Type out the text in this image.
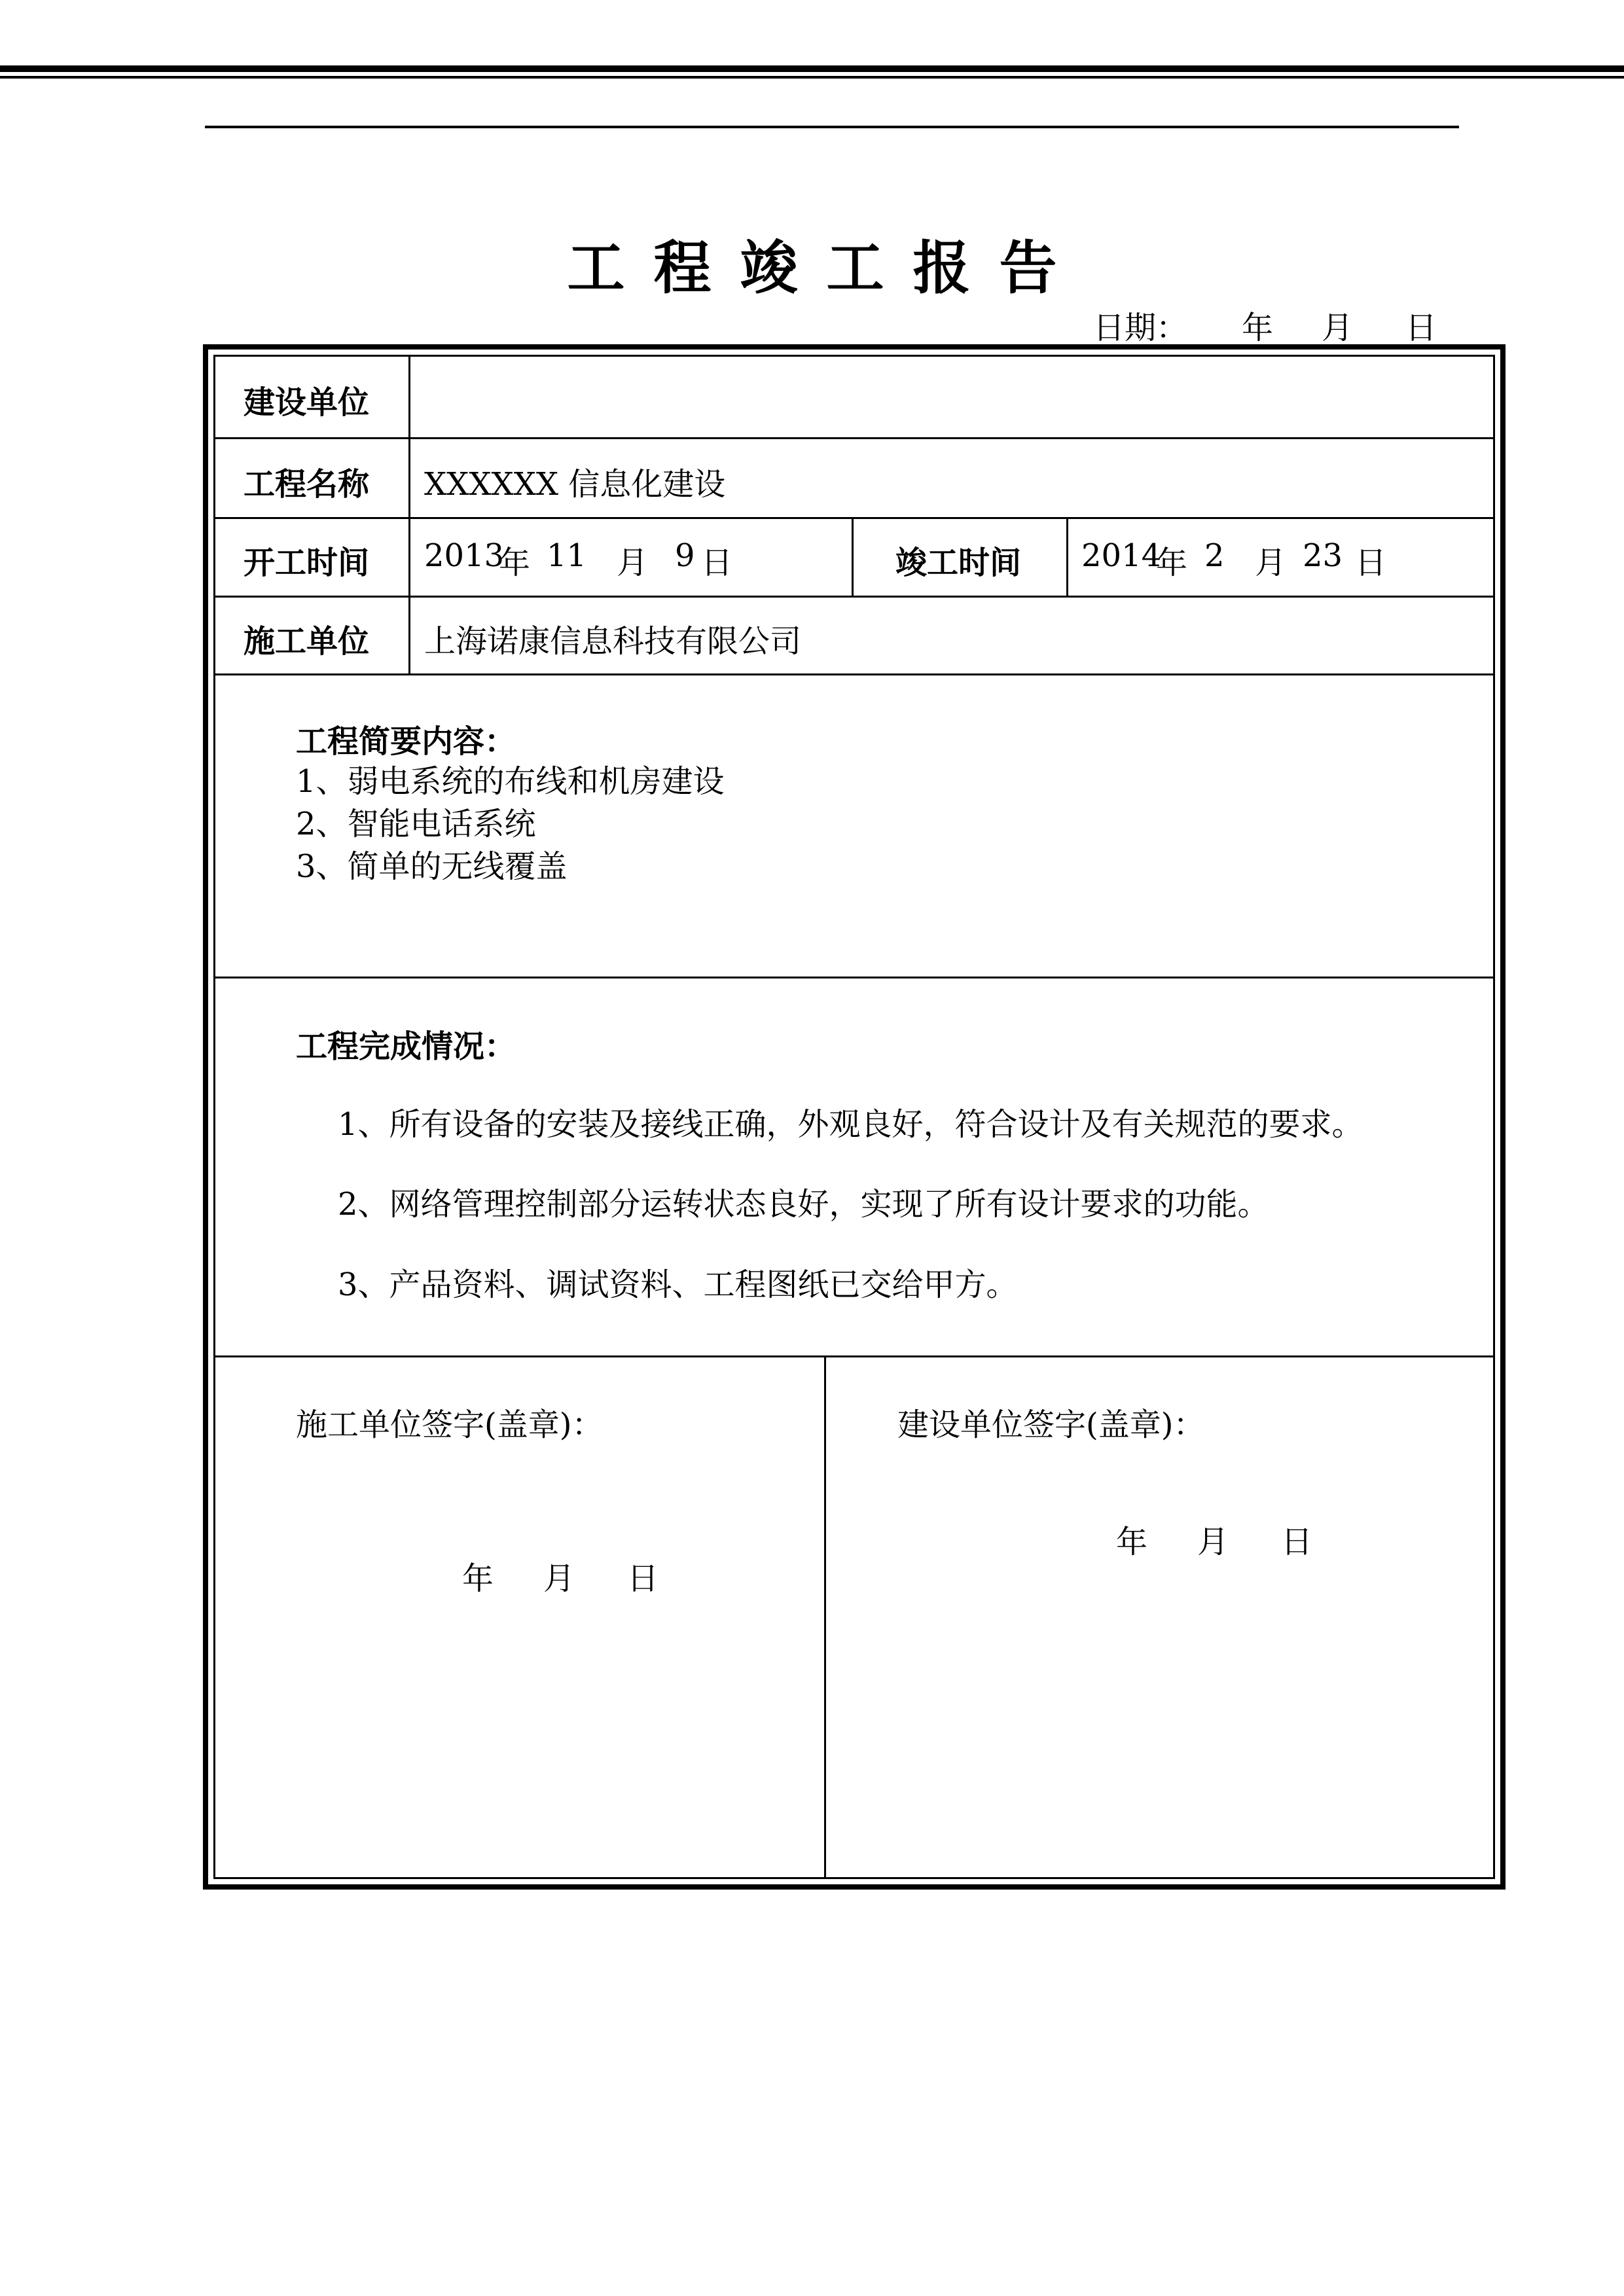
工程竣工报告
日期： 年 月 日
建设单位
工程名称 XXXXXX 信息化建设
开工时间 2013
年 11 月 9 日	竣工时间 2014
年 2 月 23 日
施工单位 上海诺康信息科技有限公司
工程简要内容：
1、弱电系统的布线和机房建设
2、智能电话系统
3、简单的无线覆盖
工程完成情况：
1、所有设备的安装及接线正确，外观良好，符合设计及有关规范的要求。
2、网络管理控制部分运转状态良好，实现了所有设计要求的功能。
3、产品资料、调试资料、工程图纸已交给甲方。
施工单位签字(盖章)：
年 月 日
建设单位签字(盖章)：
年 月 日
